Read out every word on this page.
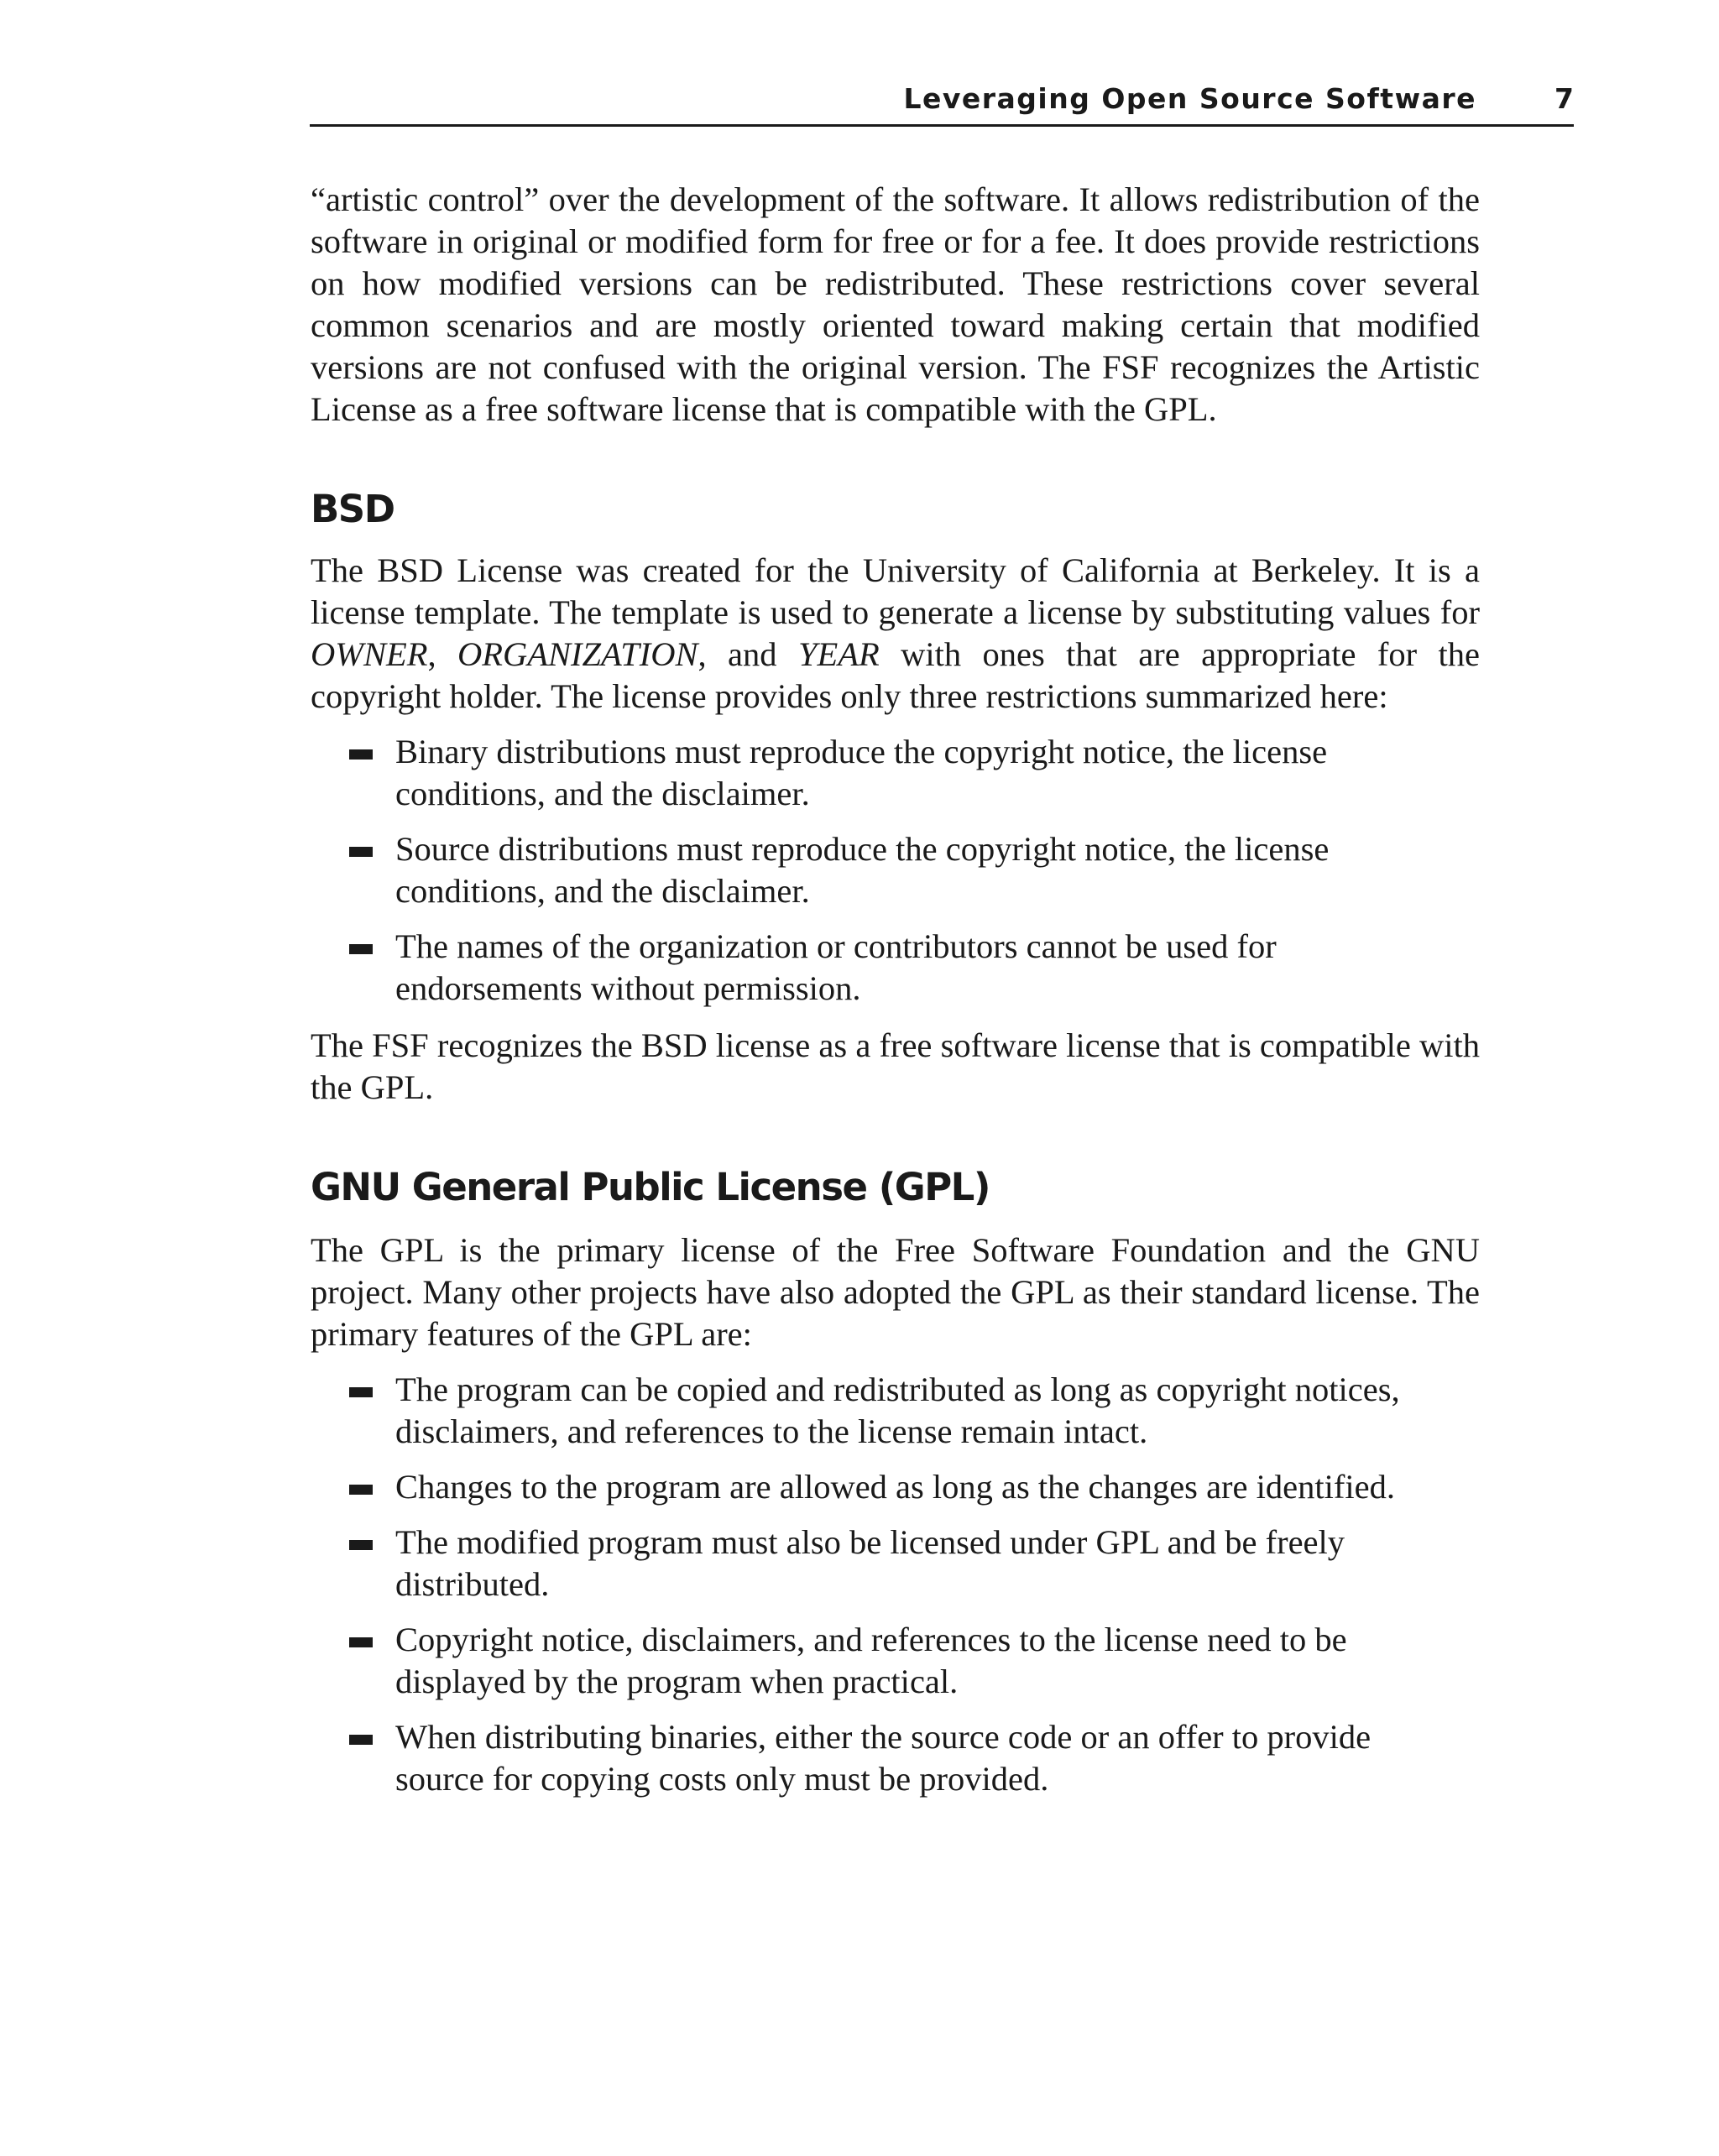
Leveraging Open Source Software	7

“artistic control” over the development of the software. It allows redistribution of the software in original or modified form for free or for a fee. It does provide restrictions on how modified versions can be redistributed. These restrictions cover several common scenarios and are mostly oriented toward making certain that modified versions are not confused with the original version. The FSF recognizes the Artistic License as a free software license that is compatible with the GPL.

BSD

The BSD License was created for the University of California at Berkeley. It is a license template. The template is used to generate a license by substituting values for OWNER, ORGANIZATION, and YEAR with ones that are appropriate for the copyright holder. The license provides only three restrictions summarized here:

Binary distributions must reproduce the copyright notice, the license conditions, and the disclaimer.
Source distributions must reproduce the copyright notice, the license conditions, and the disclaimer.
The names of the organization or contributors cannot be used for endorsements without permission.

The FSF recognizes the BSD license as a free software license that is compatible with the GPL.

GNU General Public License (GPL)

The GPL is the primary license of the Free Software Foundation and the GNU project. Many other projects have also adopted the GPL as their standard license. The primary features of the GPL are:

The program can be copied and redistributed as long as copyright notices, disclaimers, and references to the license remain intact.
Changes to the program are allowed as long as the changes are identified.
The modified program must also be licensed under GPL and be freely distributed.
Copyright notice, disclaimers, and references to the license need to be displayed by the program when practical.
When distributing binaries, either the source code or an offer to provide source for copying costs only must be provided.
